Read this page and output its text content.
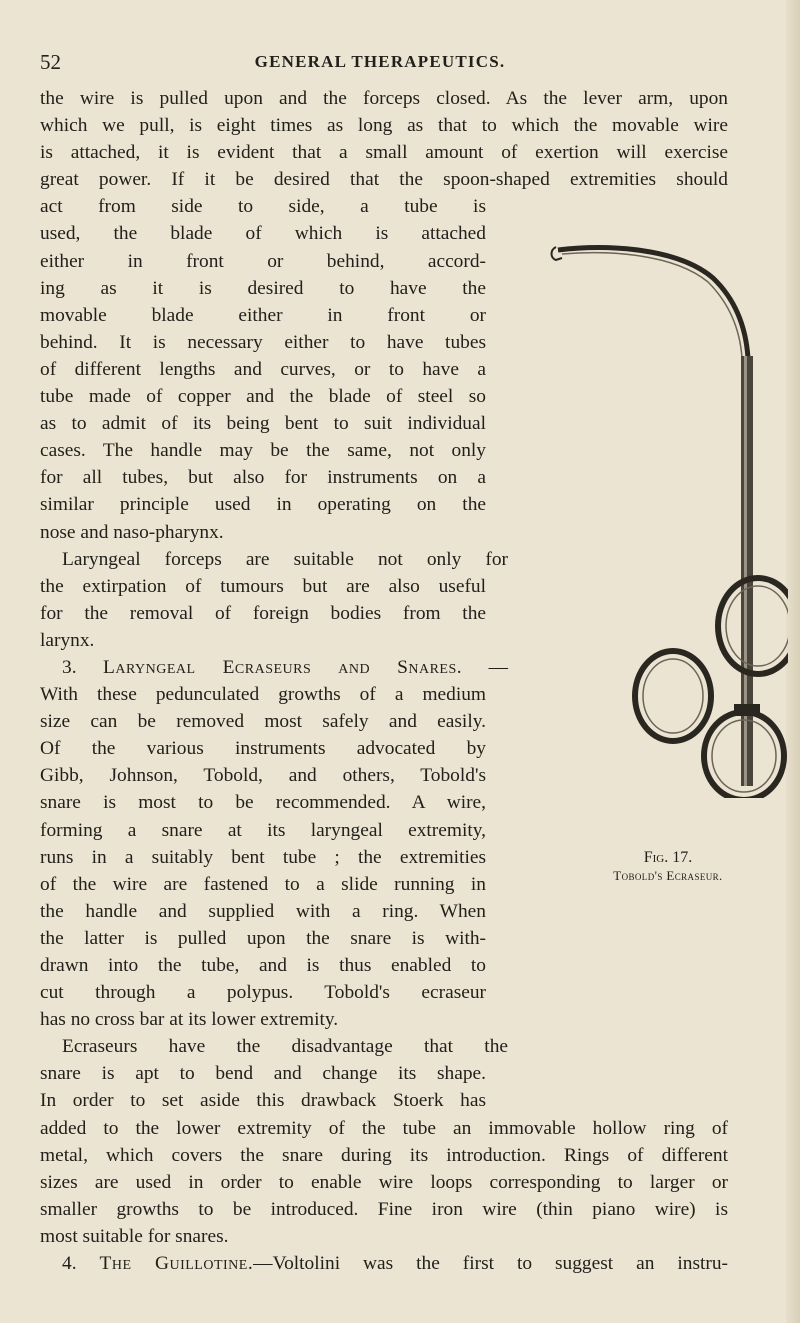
52	GENERAL THERAPEUTICS.
the wire is pulled upon and the forceps closed. As the lever arm, upon
which we pull, is eight times as long as that to which the movable wire
is attached, it is evident that a small amount of exertion will exercise
great power. If it be desired that the spoon-shaped extremities should
act from side to side, a tube is
used, the blade of which is attached
either in front or behind, accord-
ing as it is desired to have the
movable blade either in front or
behind. It is necessary either to have tubes
of different lengths and curves, or to have a
tube made of copper and the blade of steel so
as to admit of its being bent to suit individual
cases. The handle may be the same, not only
for all tubes, but also for instruments on a
similar principle used in operating on the
nose and naso-pharynx.
Laryngeal forceps are suitable not only for
the extirpation of tumours but are also useful
for the removal of foreign bodies from the
larynx.
3. Laryngeal Ecraseurs and Snares. —
With these pedunculated growths of a medium
size can be removed most safely and easily.
Of the various instruments advocated by
Gibb, Johnson, Tobold, and others, Tobold's
snare is most to be recommended. A wire,
forming a snare at its laryngeal extremity,
runs in a suitably bent tube ; the extremities
of the wire are fastened to a slide running in
the handle and supplied with a ring. When
the latter is pulled upon the snare is with-
drawn into the tube, and is thus enabled to
cut through a polypus. Tobold's ecraseur
has no cross bar at its lower extremity.
Ecraseurs have the disadvantage that the
snare is apt to bend and change its shape.
In order to set aside this drawback Stoerk has
added to the lower extremity of the tube an immovable hollow ring of
metal, which covers the snare during its introduction. Rings of different
sizes are used in order to enable wire loops corresponding to larger or
smaller growths to be introduced. Fine iron wire (thin piano wire) is
most suitable for snares.
4. The Guillotine.—Voltolini was the first to suggest an instru-
Fig. 17.
Tobold's Ecraseur.
